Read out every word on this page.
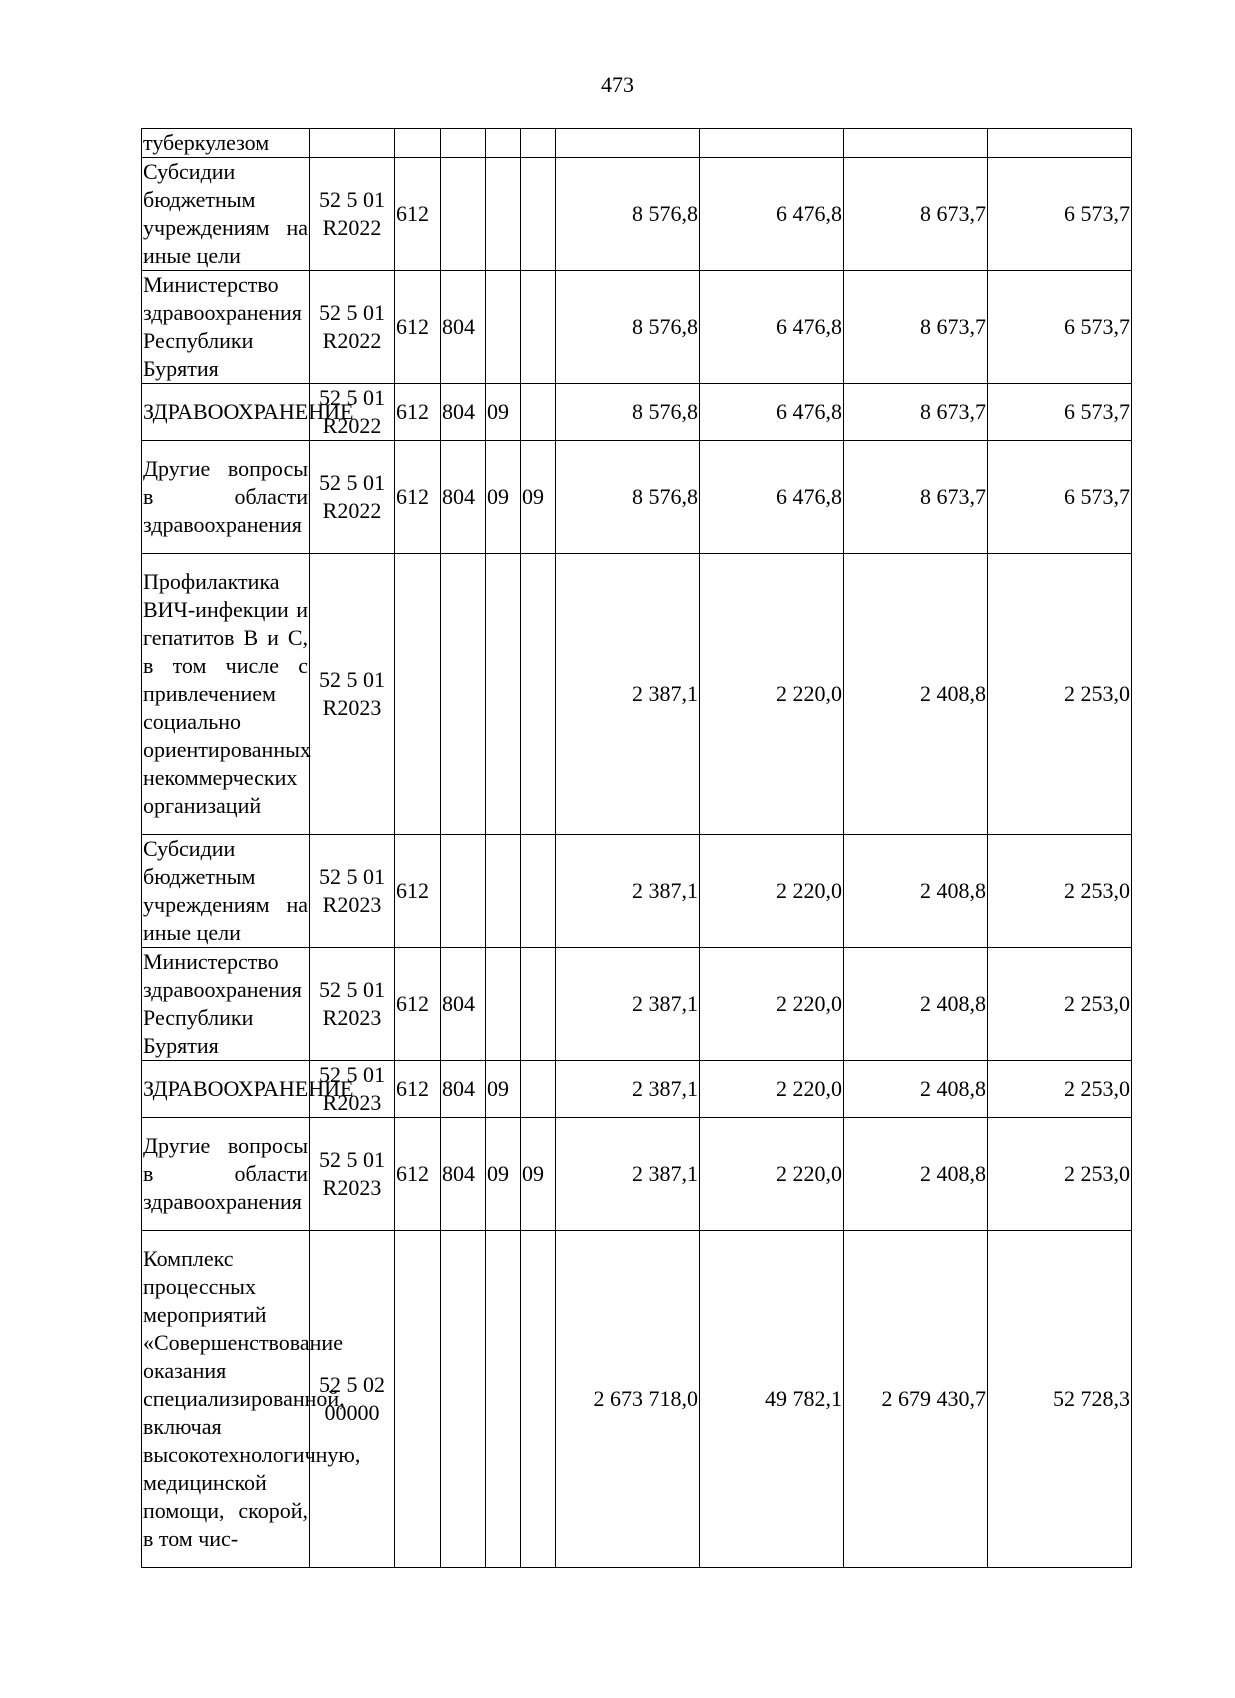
473
туберкулезом									
Субсидии бюджетным учреждениям на иные цели	52 5 01 R2022	612				8 576,8	6 476,8	8 673,7	6 573,7
Министерство здравоохранения Республики Бурятия	52 5 01 R2022	612	804			8 576,8	6 476,8	8 673,7	6 573,7
ЗДРАВООХРАНЕНИЕ	52 5 01 R2022	612	804	09		8 576,8	6 476,8	8 673,7	6 573,7
Другие вопросы в области здравоохранения	52 5 01 R2022	612	804	09	09	8 576,8	6 476,8	8 673,7	6 573,7
Профилактика ВИЧ-инфекции и гепатитов В и С, в том числе с привлечением социально ориентированных некоммерческих организаций	52 5 01 R2023					2 387,1	2 220,0	2 408,8	2 253,0
Субсидии бюджетным учреждениям на иные цели	52 5 01 R2023	612				2 387,1	2 220,0	2 408,8	2 253,0
Министерство здравоохранения Республики Бурятия	52 5 01 R2023	612	804			2 387,1	2 220,0	2 408,8	2 253,0
ЗДРАВООХРАНЕНИЕ	52 5 01 R2023	612	804	09		2 387,1	2 220,0	2 408,8	2 253,0
Другие вопросы в области здравоохранения	52 5 01 R2023	612	804	09	09	2 387,1	2 220,0	2 408,8	2 253,0
Комплекс процессных мероприятий «Совершенствование оказания специализированной, включая высокотехнологичную, медицинской помощи, скорой, в том чис-	52 5 02 00000					2 673 718,0	49 782,1	2 679 430,7	52 728,3
